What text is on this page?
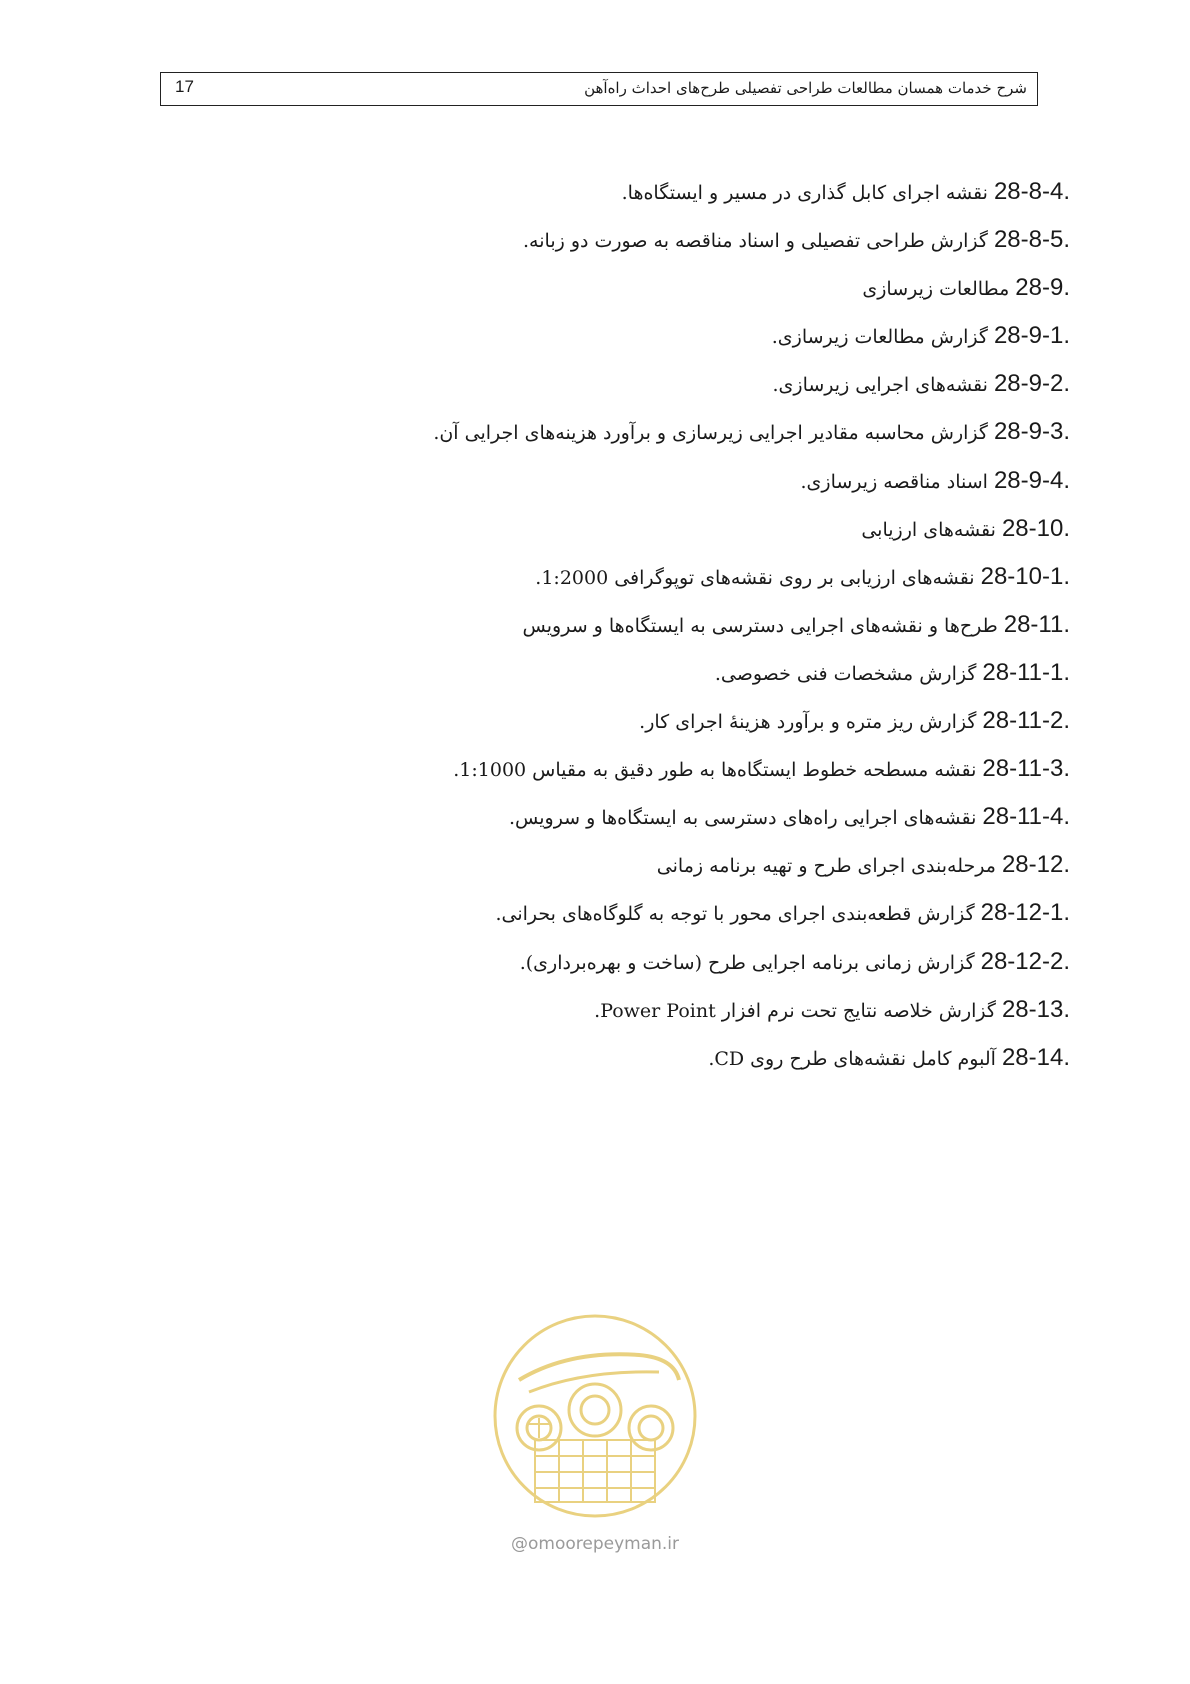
شرح خدمات همسان مطالعات طراحی تفصیلی طرح‌های احداث راه‌آهن
17
28-8-4.نقشه اجرای کابل گذاری در مسیر و ایستگاه‌ها.
28-8-5.گزارش طراحی تفصیلی و اسناد مناقصه به صورت دو زبانه.
28-9.مطالعات زیرسازی
28-9-1.گزارش مطالعات زیرسازی.
28-9-2.نقشه‌های اجرایی زیرسازی.
28-9-3.گزارش محاسبه مقادیر اجرایی زیرسازی و برآورد هزینه‌های اجرایی آن.
28-9-4.اسناد مناقصه زیرسازی.
28-10.نقشه‌های ارزیابی
28-10-1.نقشه‌های ارزیابی بر روی نقشه‌های توپوگرافی 1:2000.
28-11.طرح‌ها و نقشه‌های اجرایی دسترسی به ایستگاه‌ها و سرویس
28-11-1.گزارش مشخصات فنی خصوصی.
28-11-2.گزارش ریز متره و برآورد هزینهٔ اجرای کار.
28-11-3.نقشه مسطحه خطوط ایستگاه‌ها به طور دقیق به مقیاس 1:1000.
28-11-4.نقشه‌های اجرایی راه‌های دسترسی به ایستگاه‌ها و سرویس.
28-12.مرحله‌بندی اجرای طرح و تهیه برنامه زمانی
28-12-1.گزارش قطعه‌بندی اجرای محور با توجه به گلوگاه‌های بحرانی.
28-12-2.گزارش زمانی برنامه اجرایی طرح (ساخت و بهره‌برداری).
28-13.گزارش خلاصه نتایج تحت نرم افزار Power Point.
28-14.آلبوم کامل نقشه‌های طرح روی CD.
@omoorepeyman.ir
